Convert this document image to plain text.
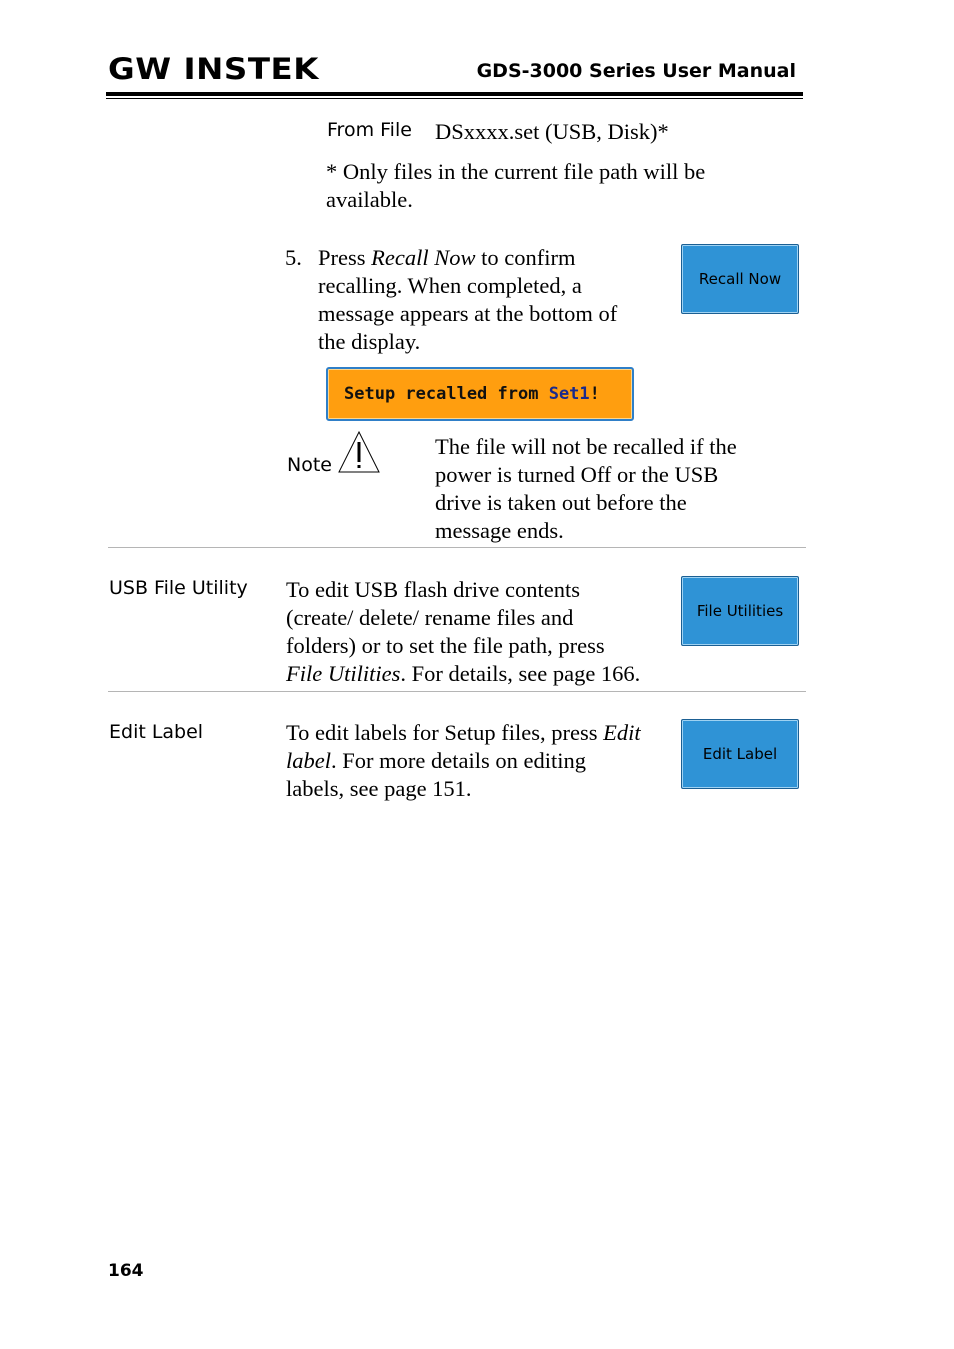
GW INSTEK	GDS-3000 Series User Manual
From File DSxxxx.set (USB, Disk)*
* Only files in the current file path will be
available.
5. Press Recall Now to confirm
recalling. When completed, a
message appears at the bottom of
the display.
Recall Now
Setup recalled from Set1 !
Note
The file will not be recalled if the
power is turned Off or the USB
drive is taken out before the
message ends.
USB File Utility To edit USB flash drive contents
(create/ delete/ rename files and
folders) or to set the file path, press
File Utilities. For details, see page 166.
File Utilities
Edit Label	To edit labels for Setup files, press Edit
label. For more details on editing
labels, see page 151.
Edit Label
164
